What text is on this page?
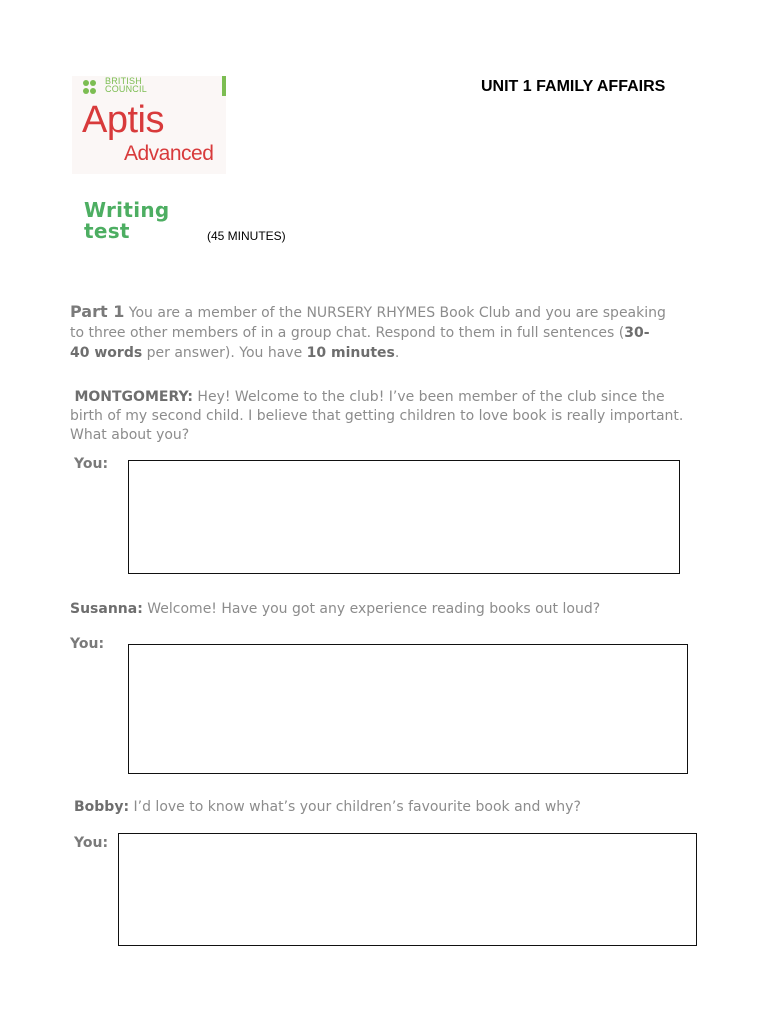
BRITISH
COUNCIL
Aptis
Advanced
Writing
test	(45 MINUTES)
UNIT 1 FAMILY AFFAIRS
Part 1 You are a member of the NURSERY RHYMES Book Club and you are speaking to three other members of in a group chat. Respond to them in full sentences (30- 40 words per answer). You have 10 minutes.
MONTGOMERY: Hey! Welcome to the club! I’ve been member of the club since the birth of my second child. I believe that getting children to love book is really important. What about you?
You:
Susanna: Welcome! Have you got any experience reading books out loud?
You:
Bobby: I’d love to know what’s your children’s favourite book and why?
You:
